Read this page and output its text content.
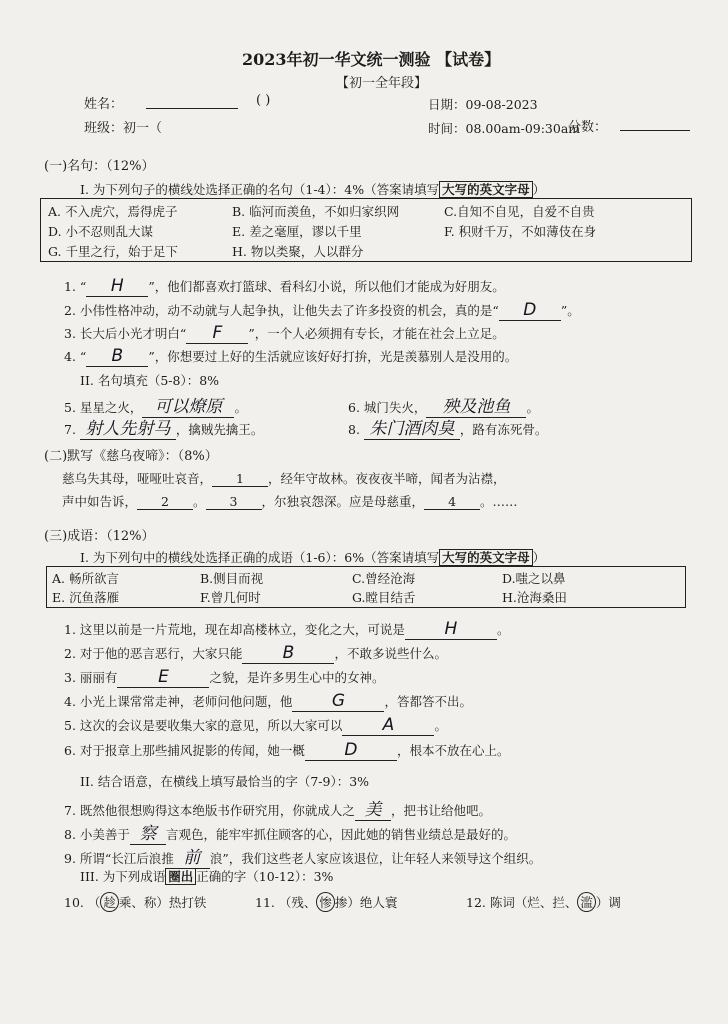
2023年初一华文统一测验 【试卷】
【初一全年段】
姓名：	( )	日期：09-08-2023
班级：初一（	时间：08.00am-09:30am
分数：
(一)名句：（12%）
I. 为下列句子的横线处选择正确的名句（1-4）：4%（答案请填写 大写的英文字母 ）
A. 不入虎穴，焉得虎子	B. 临河而羡鱼，不如归家织网	C.自知不自见，自爱不自贵
D. 小不忍则乱大谋	E. 差之毫厘，谬以千里	F. 积财千万，不如薄伎在身
G. 千里之行，始于足下	H. 物以类聚，人以群分
1. “ H ”，他们都喜欢打篮球、看科幻小说，所以他们才能成为好朋友。
2. 小伟性格冲动，动不动就与人起争执，让他失去了许多投资的机会，真的是“ D ”。
3. 长大后小光才明白“ F ”，一个人必须拥有专长，才能在社会上立足。
4. “ B ”，你想要过上好的生活就应该好好打拚，光是羡慕别人是没用的。
II. 名句填充（5-8）：8%
5. 星星之火， 可以燎原 。	6. 城门失火， 殃及池鱼 。
7. 射人先射马 ，擒贼先擒王。	8. 朱门酒肉臭 ，路有冻死骨。
(二)默写《慈乌夜啼》：（8%）
慈乌失其母，哑哑吐哀音， 1 ，经年守故林。夜夜夜半啼，闻者为沾襟，
声中如告诉， 2 。 3 ，尔独哀怨深。应是母慈重， 4 。……
(三)成语：（12%）
I. 为下列句中的横线处选择正确的成语（1-6）：6%（答案请填写 大写的英文字母 ）
A. 畅所欲言	B.侧目而视	C.曾经沧海	D.嗤之以鼻
E. 沉鱼落雁	F.曾几何时	G.瞠目结舌	H.沧海桑田
1. 这里以前是一片荒地，现在却高楼林立，变化之大，可说是 H	。
2. 对于他的恶言恶行，大家只能 B	，不敢多说些什么。
3. 丽丽有 E	之貌，是许多男生心中的女神。
4. 小光上课常常走神，老师问他问题，他 G	，答都答不出。
5. 这次的会议是要收集大家的意见，所以大家可以 A	。
6. 对于报章上那些捕风捉影的传闻，她一概 D	，根本不放在心上。
II. 结合语意，在横线上填写最恰当的字（7-9）：3%
7. 既然他很想购得这本绝版书作研究用，你就成人之 美 ，把书让给他吧。
8. 小美善于 察 言观色，能牢牢抓住顾客的心，因此她的销售业绩总是最好的。
9. 所谓“长江后浪推 前 浪”，我们这些老人家应该退位，让年轻人来领导这个组织。
III. 为下列成语 圈出 正确的字（10-12）：3%
10. （ 趁 乘、称）热打铁	11. （残、 惨 掺）绝人寰	12. 陈词（烂、拦、 滥 ）调
